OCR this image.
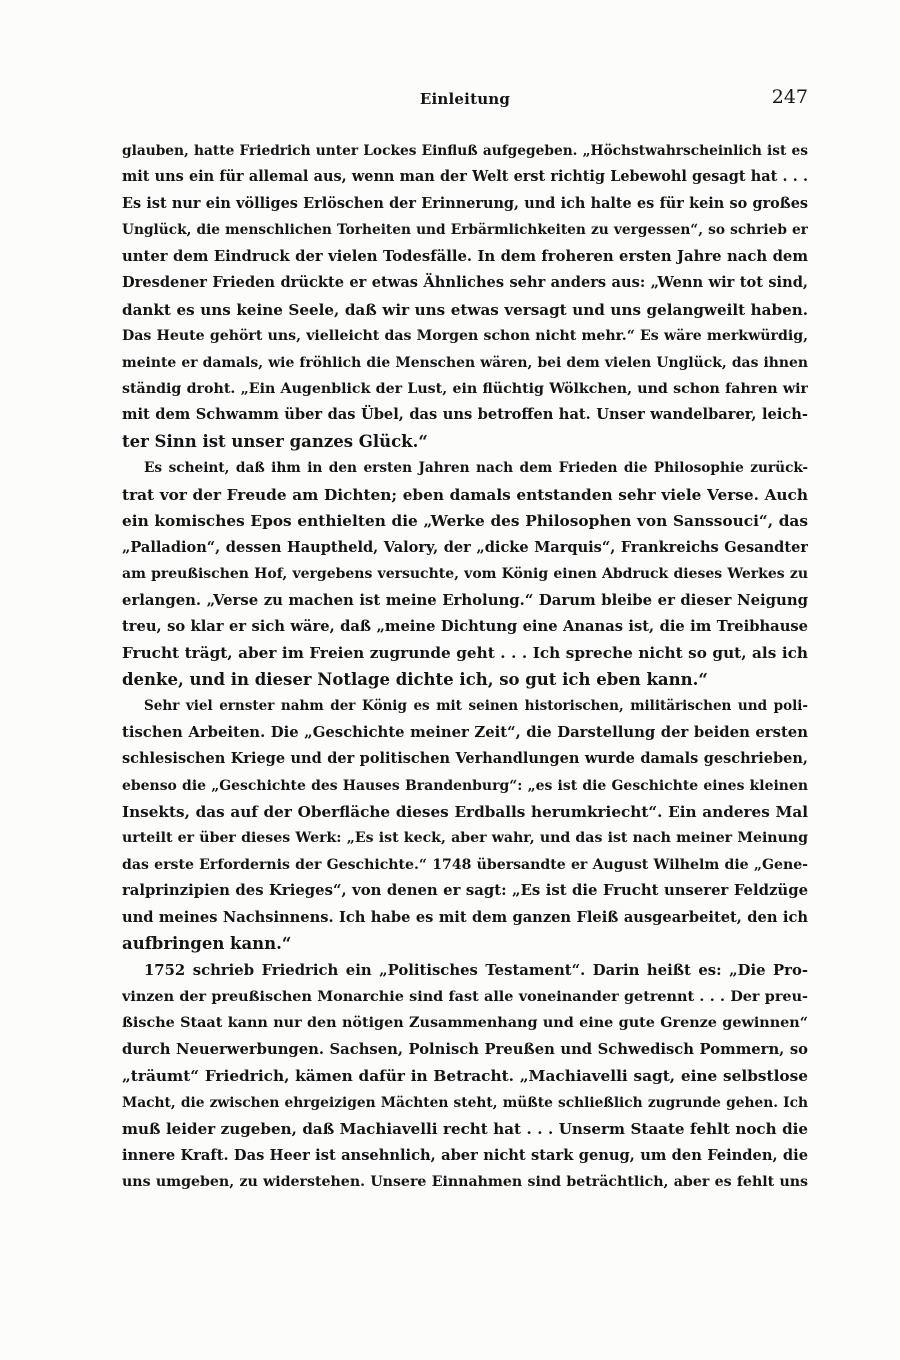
Einleitung	247
glauben, hatte Friedrich unter Lockes Einfluß aufgegeben. „Höchstwahrscheinlich ist es
mit uns ein für allemal aus, wenn man der Welt erst richtig Lebewohl gesagt hat . . .
Es ist nur ein völliges Erlöschen der Erinnerung, und ich halte es für kein so großes
Unglück, die menschlichen Torheiten und Erbärmlichkeiten zu vergessen“, so schrieb er
unter dem Eindruck der vielen Todesfälle. In dem froheren ersten Jahre nach dem
Dresdener Frieden drückte er etwas Ähnliches sehr anders aus: „Wenn wir tot sind,
dankt es uns keine Seele, daß wir uns etwas versagt und uns gelangweilt haben.
Das Heute gehört uns, vielleicht das Morgen schon nicht mehr.“ Es wäre merkwürdig,
meinte er damals, wie fröhlich die Menschen wären, bei dem vielen Unglück, das ihnen
ständig droht. „Ein Augenblick der Lust, ein flüchtig Wölkchen, und schon fahren wir
mit dem Schwamm über das Übel, das uns betroffen hat. Unser wandelbarer, leich-
ter Sinn ist unser ganzes Glück.“
Es scheint, daß ihm in den ersten Jahren nach dem Frieden die Philosophie zurück-
trat vor der Freude am Dichten; eben damals entstanden sehr viele Verse. Auch
ein komisches Epos enthielten die „Werke des Philosophen von Sanssouci“, das
„Palladion“, dessen Hauptheld, Valory, der „dicke Marquis“, Frankreichs Gesandter
am preußischen Hof, vergebens versuchte, vom König einen Abdruck dieses Werkes zu
erlangen. „Verse zu machen ist meine Erholung.“ Darum bleibe er dieser Neigung
treu, so klar er sich wäre, daß „meine Dichtung eine Ananas ist, die im Treibhause
Frucht trägt, aber im Freien zugrunde geht . . . Ich spreche nicht so gut, als ich
denke, und in dieser Notlage dichte ich, so gut ich eben kann.“
Sehr viel ernster nahm der König es mit seinen historischen, militärischen und poli-
tischen Arbeiten. Die „Geschichte meiner Zeit“, die Darstellung der beiden ersten
schlesischen Kriege und der politischen Verhandlungen wurde damals geschrieben,
ebenso die „Geschichte des Hauses Brandenburg“: „es ist die Geschichte eines kleinen
Insekts, das auf der Oberfläche dieses Erdballs herumkriecht“. Ein anderes Mal
urteilt er über dieses Werk: „Es ist keck, aber wahr, und das ist nach meiner Meinung
das erste Erfordernis der Geschichte.“ 1748 übersandte er August Wilhelm die „Gene-
ralprinzipien des Krieges“, von denen er sagt: „Es ist die Frucht unserer Feldzüge
und meines Nachsinnens. Ich habe es mit dem ganzen Fleiß ausgearbeitet, den ich
aufbringen kann.“
1752 schrieb Friedrich ein „Politisches Testament“. Darin heißt es: „Die Pro-
vinzen der preußischen Monarchie sind fast alle voneinander getrennt . . . Der preu-
ßische Staat kann nur den nötigen Zusammenhang und eine gute Grenze gewinnen“
durch Neuerwerbungen. Sachsen, Polnisch Preußen und Schwedisch Pommern, so
„träumt“ Friedrich, kämen dafür in Betracht. „Machiavelli sagt, eine selbstlose
Macht, die zwischen ehrgeizigen Mächten steht, müßte schließlich zugrunde gehen. Ich
muß leider zugeben, daß Machiavelli recht hat . . . Unserm Staate fehlt noch die
innere Kraft. Das Heer ist ansehnlich, aber nicht stark genug, um den Feinden, die
uns umgeben, zu widerstehen. Unsere Einnahmen sind beträchtlich, aber es fehlt uns
